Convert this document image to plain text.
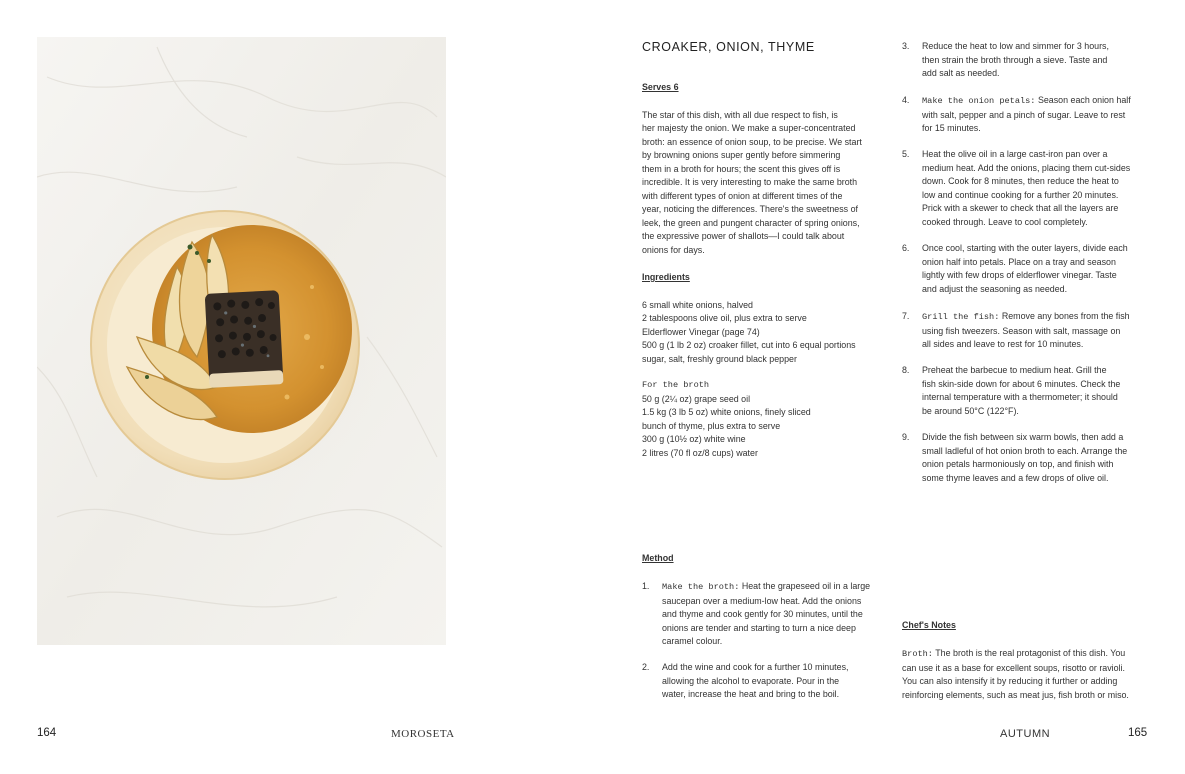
164	MOROSETA
CROAKER, ONION, THYME
Serves 6

The star of this dish, with all due respect to fish, is

her majesty the onion. We make a super-concentrated

broth: an essence of onion soup, to be precise. We start

by browning onions super gently before simmering

them in a broth for hours; the scent this gives off is

incredible. It is very interesting to make the same broth

with different types of onion at different times of the

year, noticing the differences. There's the sweetness of

leek, the green and pungent character of spring onions,

the expressive power of shallots—I could talk about

onions for days.

Ingredients

6 small white onions, halved

2 tablespoons olive oil, plus extra to serve

Elderflower Vinegar (page 74)

500 g (1 lb 2 oz) croaker fillet, cut into 6 equal portions

sugar, salt, freshly ground black pepper

For the broth

50 g (2¼ oz) grape seed oil

1.5 kg (3 lb 5 oz) white onions, finely sliced

bunch of thyme, plus extra to serve

300 g (10½ oz) white wine

2 litres (70 fl oz/8 cups) water

Method
1. Make the broth: Heat the grapeseed oil in a large
saucepan over a medium-low heat. Add the onions
and thyme and cook gently for 30 minutes, until the
onions are tender and starting to turn a nice deep
caramel colour.
2. Add the wine and cook for a further 10 minutes,
allowing the alcohol to evaporate. Pour in the
water, increase the heat and bring to the boil.
3. Reduce the heat to low and simmer for 3 hours,
then strain the broth through a sieve. Taste and
add salt as needed.
4. Make the onion petals: Season each onion half
with salt, pepper and a pinch of sugar. Leave to rest
for 15 minutes.
5. Heat the olive oil in a large cast-iron pan over a
medium heat. Add the onions, placing them cut-sides
down. Cook for 8 minutes, then reduce the heat to
low and continue cooking for a further 20 minutes.
Prick with a skewer to check that all the layers are
cooked through. Leave to cool completely.
6. Once cool, starting with the outer layers, divide each
onion half into petals. Place on a tray and season
lightly with few drops of elderflower vinegar. Taste
and adjust the seasoning as needed.
7. Grill the fish: Remove any bones from the fish
using fish tweezers. Season with salt, massage on
all sides and leave to rest for 10 minutes.
8. Preheat the barbecue to medium heat. Grill the
fish skin-side down for about 6 minutes. Check the
internal temperature with a thermometer; it should
be around 50°C (122°F).
9. Divide the fish between six warm bowls, then add a
small ladleful of hot onion broth to each. Arrange the
onion petals harmoniously on top, and finish with
some thyme leaves and a few drops of olive oil.
Chef's Notes
Broth: The broth is the real protagonist of this dish. You
can use it as a base for excellent soups, risotto or ravioli.
You can also intensify it by reducing it further or adding
reinforcing elements, such as meat jus, fish broth or miso.
AUTUMN	165
